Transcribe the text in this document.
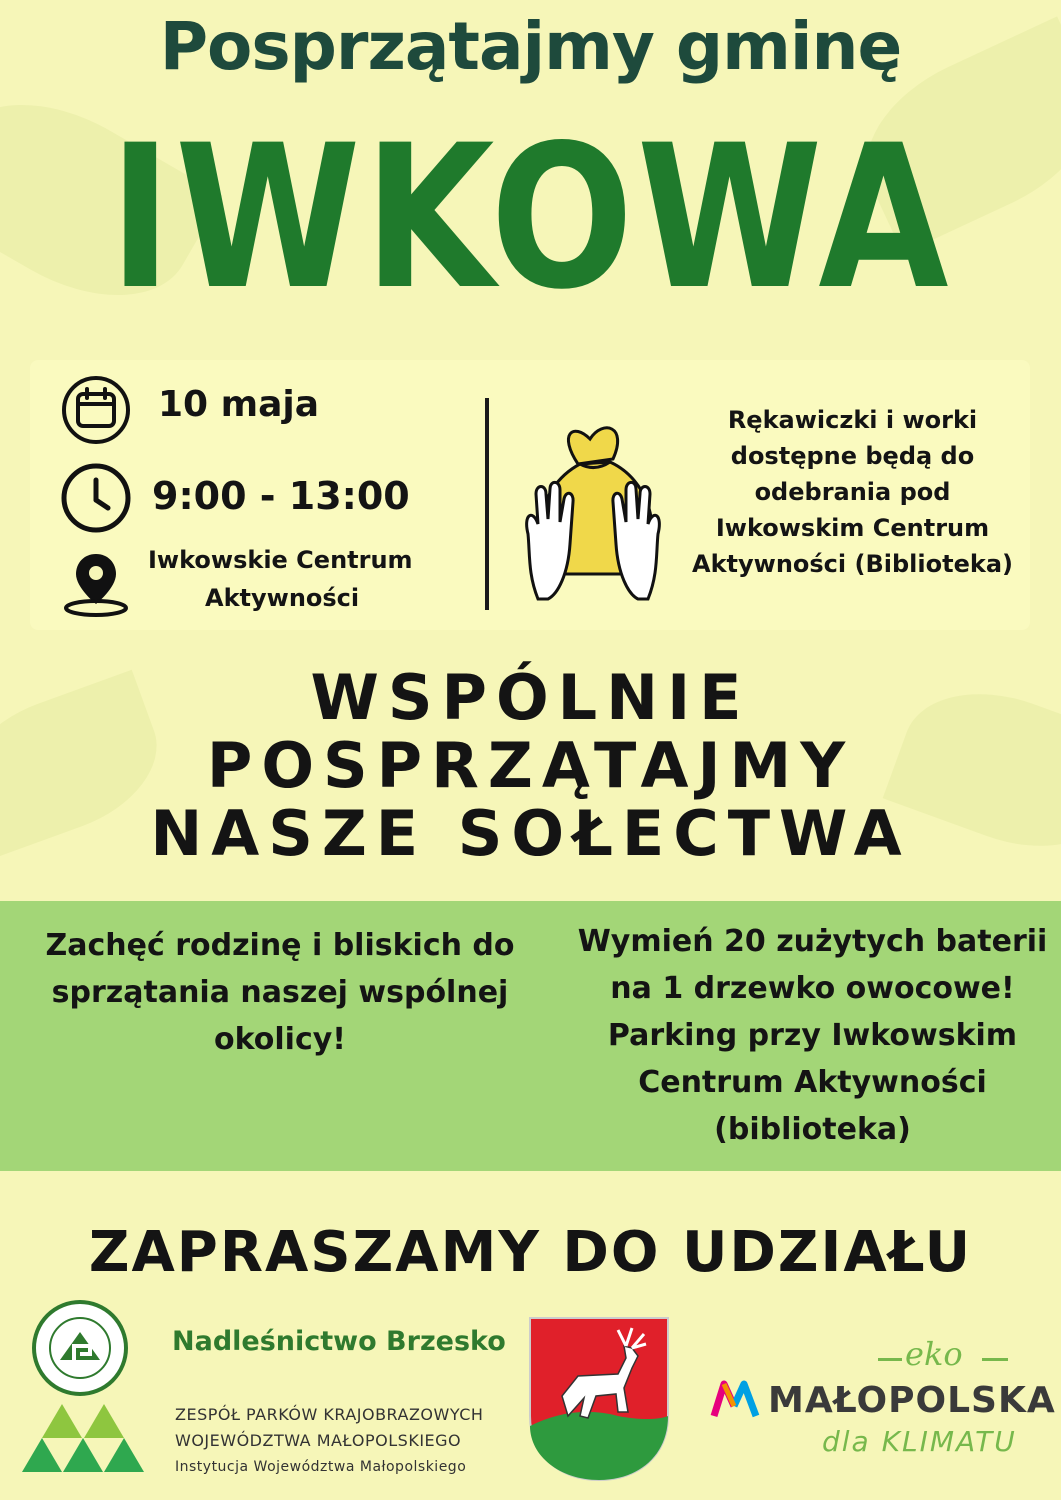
Posprzątajmy gminę
IWKOWA
10 maja
9:00 - 13:00
Iwkowskie Centrum
Aktywności
Rękawiczki i worki
dostępne będą do
odebrania pod
Iwkowskim Centrum
Aktywności (Biblioteka)
WSPÓLNIE
POSPRZĄTAJMY
NASZE SOŁECTWA
Zachęć rodzinę i bliskich do
sprzątania naszej wspólnej
okolicy!
Wymień 20 zużytych baterii
na 1 drzewko owocowe!
Parking przy Iwkowskim
Centrum Aktywności
(biblioteka)
ZAPRASZAMY DO UDZIAŁU
Nadleśnictwo Brzesko
ZESPÓŁ PARKÓW KRAJOBRAZOWYCH
WOJEWÓDZTWA MAŁOPOLSKIEGO
Instytucja Województwa Małopolskiego
eko
MAŁOPOLSKA
dla KLIMATU
